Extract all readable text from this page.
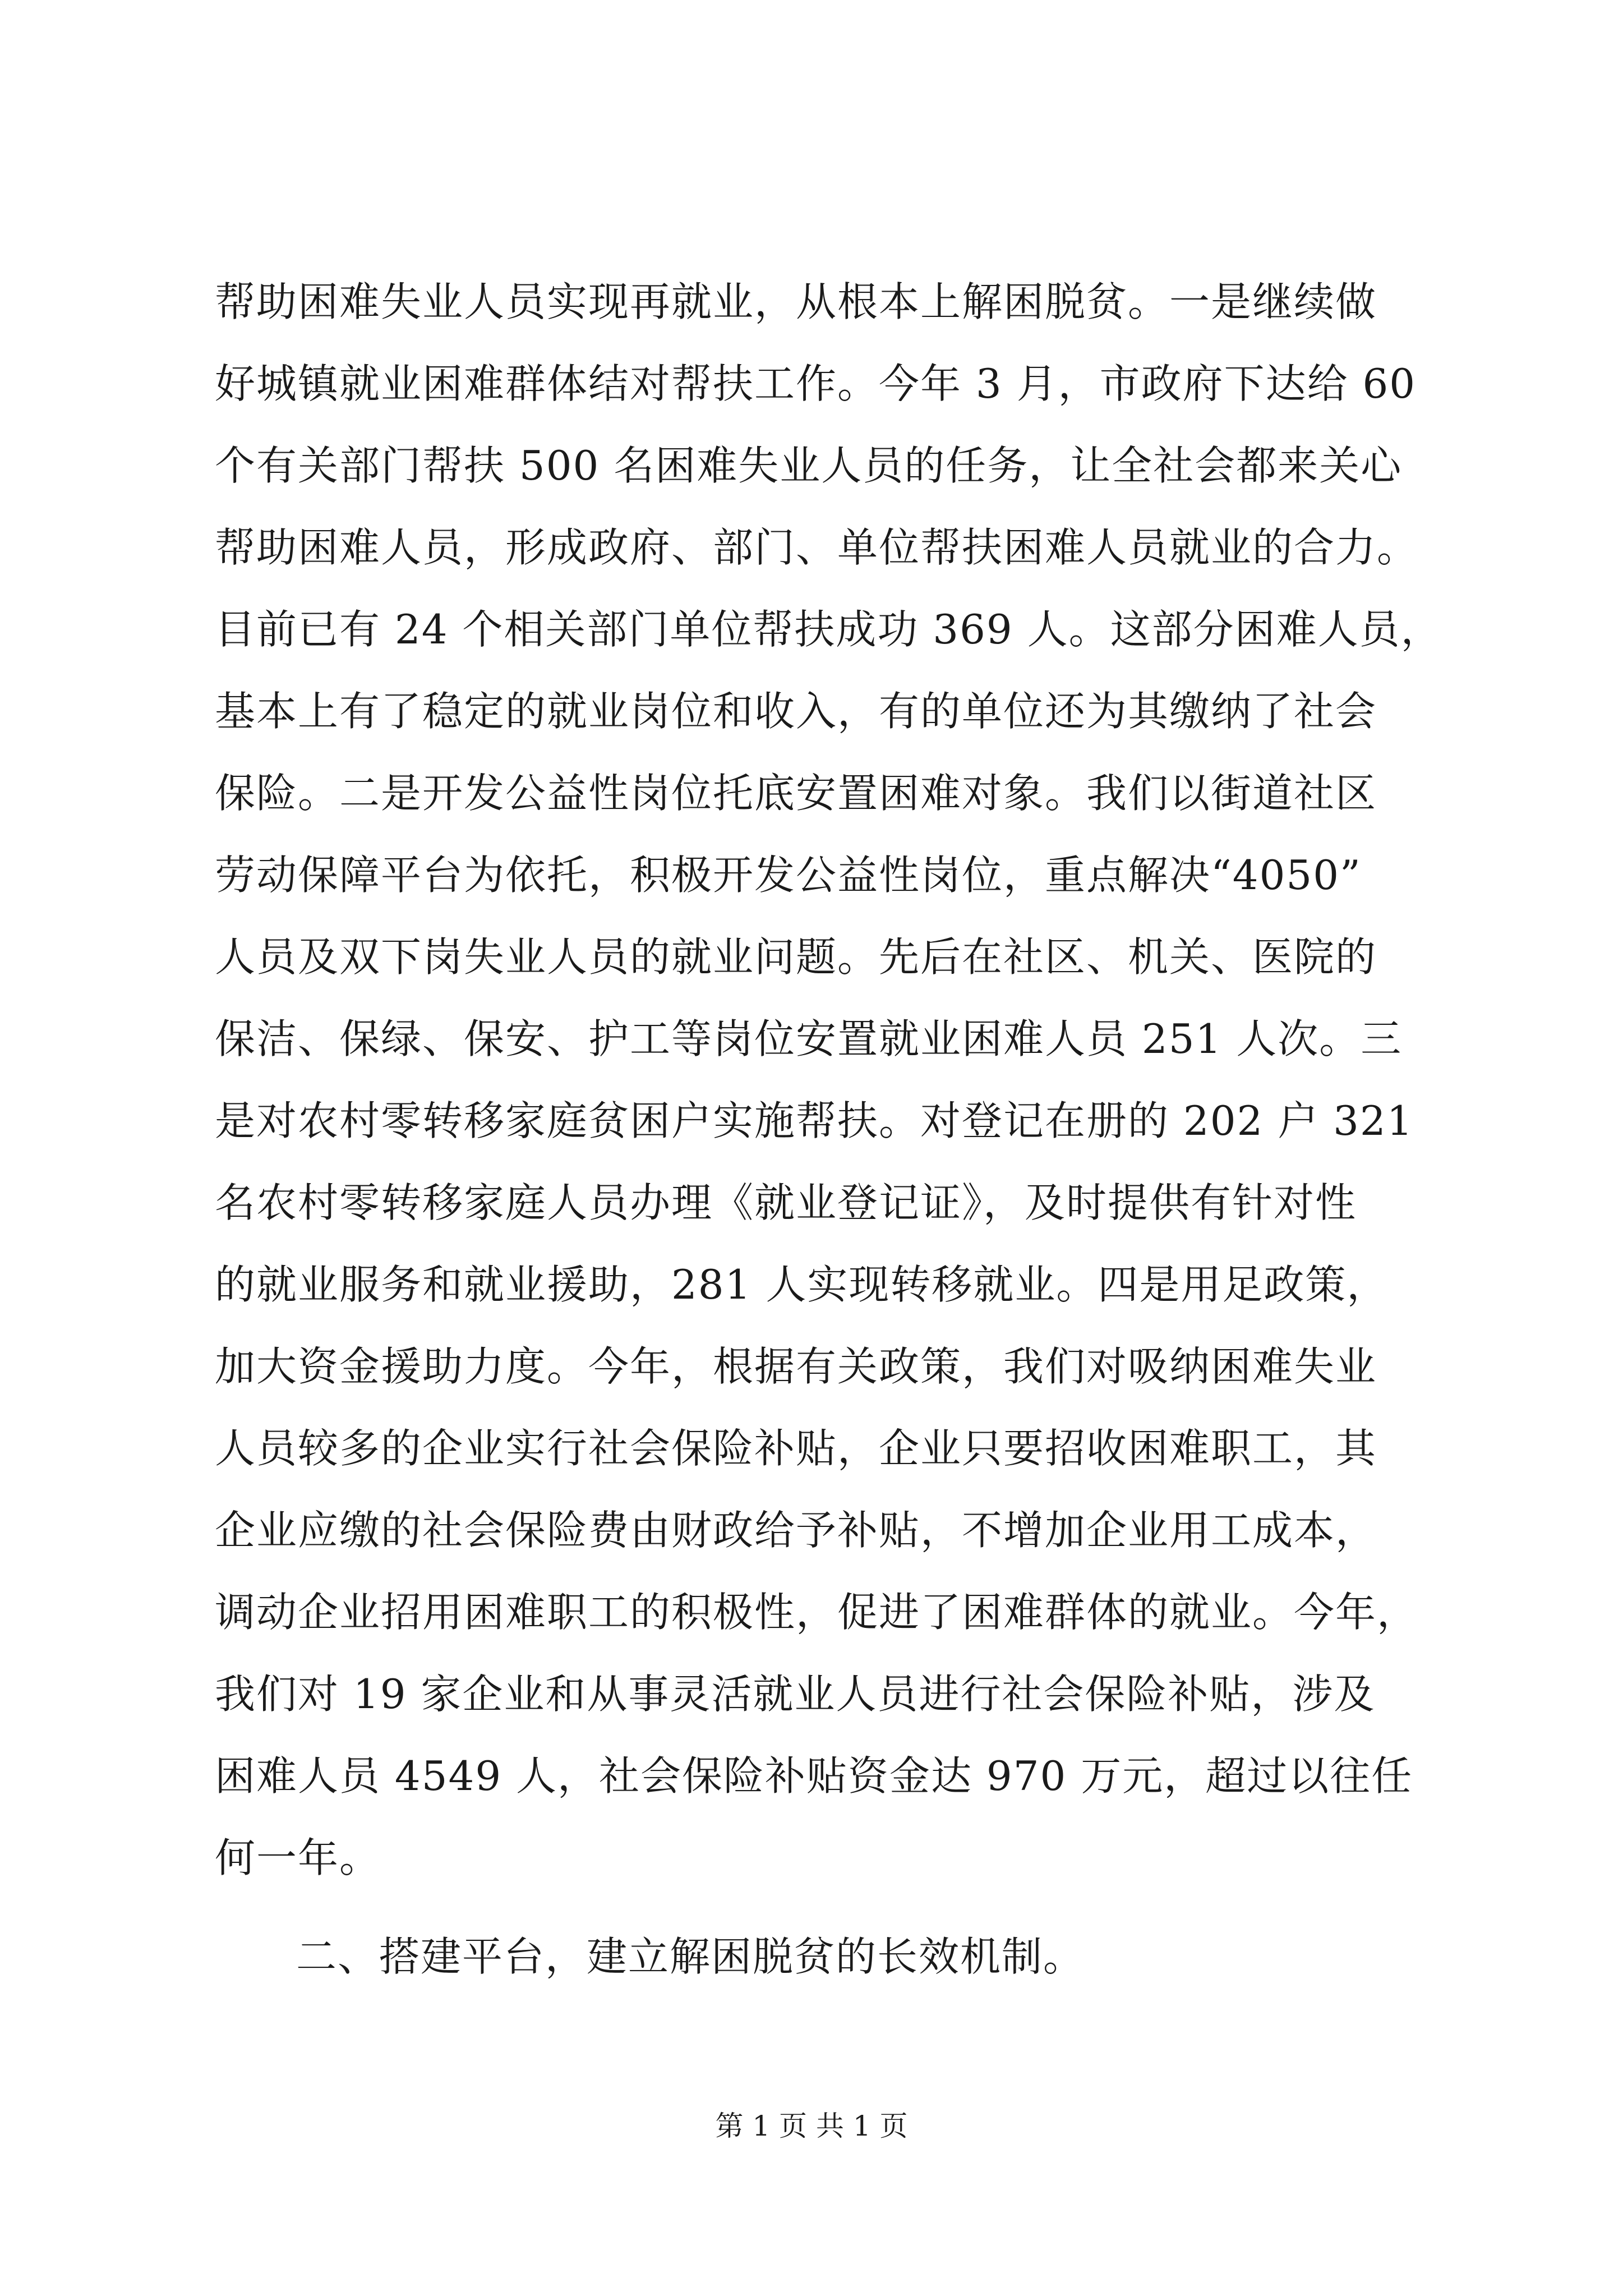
帮助困难失业人员实现再就业，从根本上解困脱贫。一是继续做
好城镇就业困难群体结对帮扶工作。今年 3 月，市政府下达给 60
个有关部门帮扶 500 名困难失业人员的任务，让全社会都来关心
帮助困难人员，形成政府、部门、单位帮扶困难人员就业的合力。
目前已有 24 个相关部门单位帮扶成功 369 人。这部分困难人员，
基本上有了稳定的就业岗位和收入，有的单位还为其缴纳了社会
保险。二是开发公益性岗位托底安置困难对象。我们以街道社区
劳动保障平台为依托，积极开发公益性岗位，重点解决“4050”
人员及双下岗失业人员的就业问题。先后在社区、机关、医院的
保洁、保绿、保安、护工等岗位安置就业困难人员 251 人次。三
是对农村零转移家庭贫困户实施帮扶。对登记在册的 202 户 321
名农村零转移家庭人员办理《就业登记证》，及时提供有针对性
的就业服务和就业援助，281 人实现转移就业。四是用足政策，
加大资金援助力度。今年，根据有关政策，我们对吸纳困难失业
人员较多的企业实行社会保险补贴，企业只要招收困难职工，其
企业应缴的社会保险费由财政给予补贴，不增加企业用工成本，
调动企业招用困难职工的积极性，促进了困难群体的就业。今年，
我们对 19 家企业和从事灵活就业人员进行社会保险补贴，涉及
困难人员 4549 人，社会保险补贴资金达 970 万元，超过以往任
何一年。
二、搭建平台，建立解困脱贫的长效机制。
第 1 页 共 1 页
